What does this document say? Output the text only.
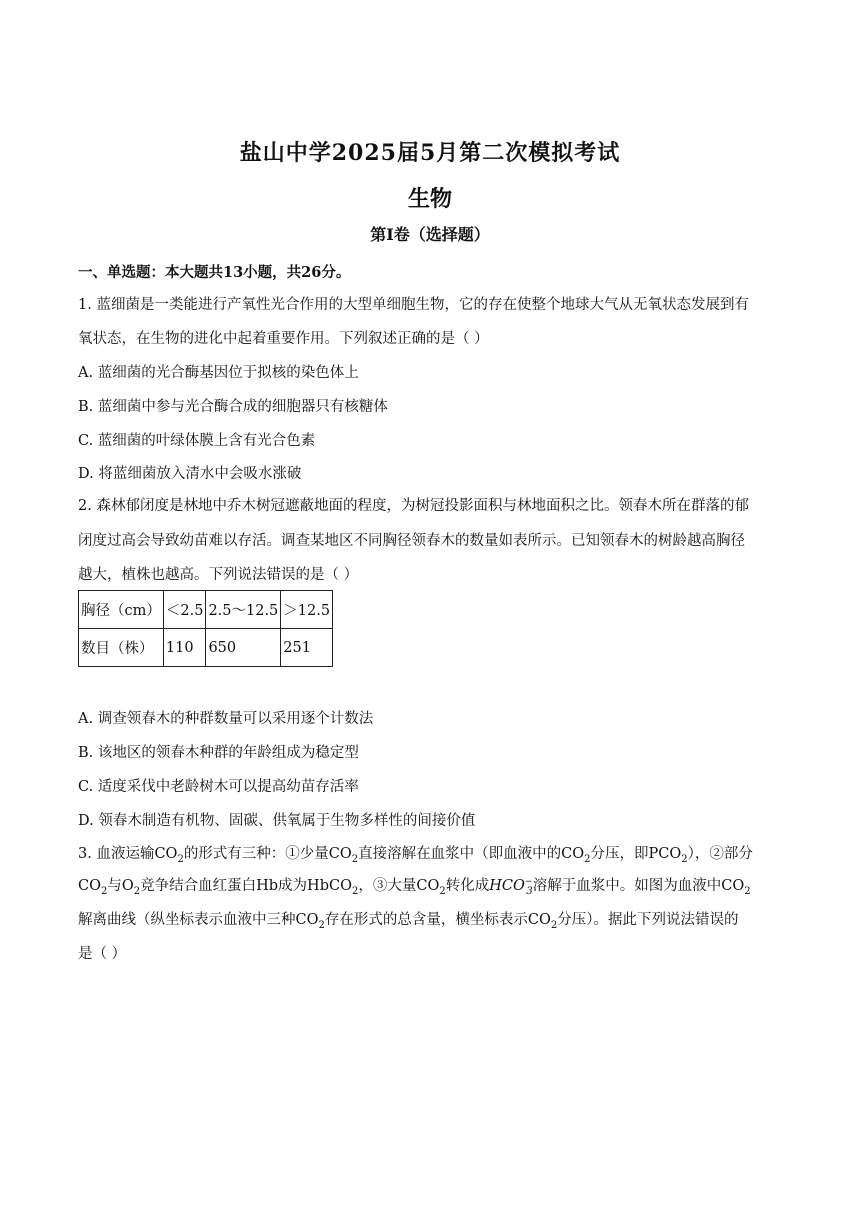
盐山中学2025届5月第二次模拟考试
生物
第I卷（选择题）
一、单选题：本大题共13小题，共26分。
1. 蓝细菌是一类能进行产氧性光合作用的大型单细胞生物，它的存在使整个地球大气从无氧状态发展到有
氧状态，在生物的进化中起着重要作用。下列叙述正确的是（ ）
A. 蓝细菌的光合酶基因位于拟核的染色体上
B. 蓝细菌中参与光合酶合成的细胞器只有核糖体
C. 蓝细菌的叶绿体膜上含有光合色素
D. 将蓝细菌放入清水中会吸水涨破
2. 森林郁闭度是林地中乔木树冠遮蔽地面的程度，为树冠投影面积与林地面积之比。领春木所在群落的郁
闭度过高会导致幼苗难以存活。调查某地区不同胸径领春木的数量如表所示。已知领春木的树龄越高胸径
越大，植株也越高。下列说法错误的是（ ）
胸径（cm）	＜2.5	2.5～12.5	＞12.5
数目（株）	110	650	251
A. 调查领春木的种群数量可以采用逐个计数法
B. 该地区的领春木种群的年龄组成为稳定型
C. 适度采伐中老龄树木可以提高幼苗存活率
D. 领春木制造有机物、固碳、供氧属于生物多样性的间接价值
3. 血液运输$CO_2$的形式有三种：①少量$CO_2$直接溶解在血浆中（即血液中的$CO_2$分压，即$PCO_2$），②部分
$CO_2$与$O_2$竞争结合血红蛋白Hb成为HbCO$_2$，③大量$CO_2$转化成$HCO^-_3$溶解于血浆中。如图为血液中$CO_2$
解离曲线（纵坐标表示血液中三种$CO_2$存在形式的总含量，横坐标表示$CO_2$分压）。据此下列说法错误的
是（ ）
